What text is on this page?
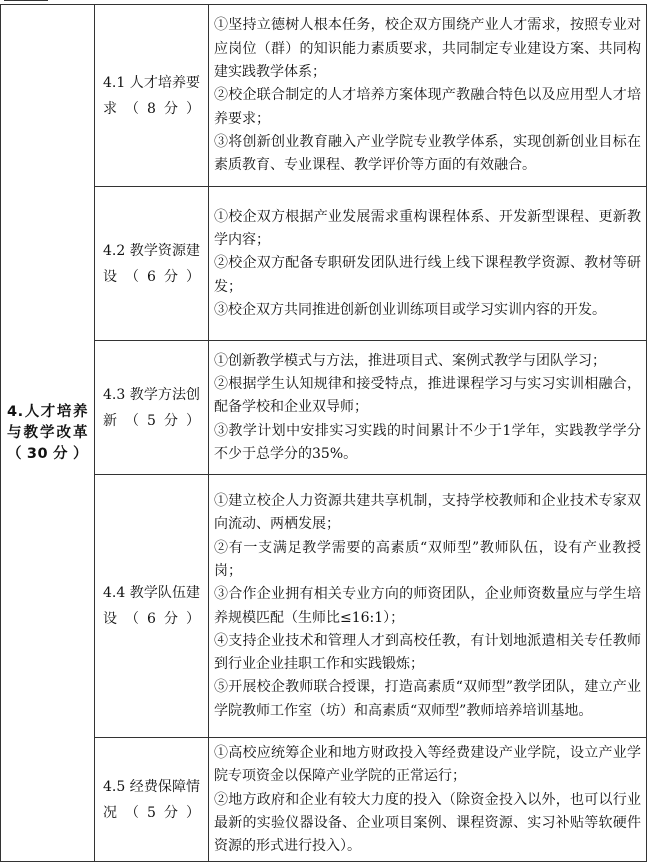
4.人才培养与教学改革（30分）	4.1 人才培养要求（8分）	①坚持立德树人根本任务，校企双方围绕产业人才需求，按照专业对应岗位（群）的知识能力素质要求，共同制定专业建设方案、共同构建实践教学体系；

②校企联合制定的人才培养方案体现产教融合特色以及应用型人才培养要求；

③将创新创业教育融入产业学院专业教学体系，实现创新创业目标在素质教育、专业课程、教学评价等方面的有效融合。

	4.2 教学资源建设（6分）	①校企双方根据产业发展需求重构课程体系、开发新型课程、更新教学内容；

②校企双方配备专职研发团队进行线上线下课程教学资源、教材等研发；

③校企双方共同推进创新创业训练项目或学习实训内容的开发。

	4.3 教学方法创新（5分）	①创新教学模式与方法，推进项目式、案例式教学与团队学习；

②根据学生认知规律和接受特点，推进课程学习与实习实训相融合，配备学校和企业双导师；

③教学计划中安排实习实践的时间累计不少于1学年，实践教学学分不少于总学分的35%。

	4.4 教学队伍建设（6分）	①建立校企人力资源共建共享机制，支持学校教师和企业技术专家双向流动、两栖发展；

②有一支满足教学需要的高素质“双师型”教师队伍，设有产业教授岗；

③合作企业拥有相关专业方向的师资团队，企业师资数量应与学生培养规模匹配（生师比≤16:1）；

④支持企业技术和管理人才到高校任教，有计划地派遣相关专任教师到行业企业挂职工作和实践锻炼；

⑤开展校企教师联合授课，打造高素质“双师型”教学团队，建立产业学院教师工作室（坊）和高素质“双师型”教师培养培训基地。

	4.5 经费保障情况（5分）	①高校应统筹企业和地方财政投入等经费建设产业学院，设立产业学院专项资金以保障产业学院的正常运行；

②地方政府和企业有较大力度的投入（除资金投入以外，也可以行业最新的实验仪器设备、企业项目案例、课程资源、实习补贴等软硬件资源的形式进行投入）。
